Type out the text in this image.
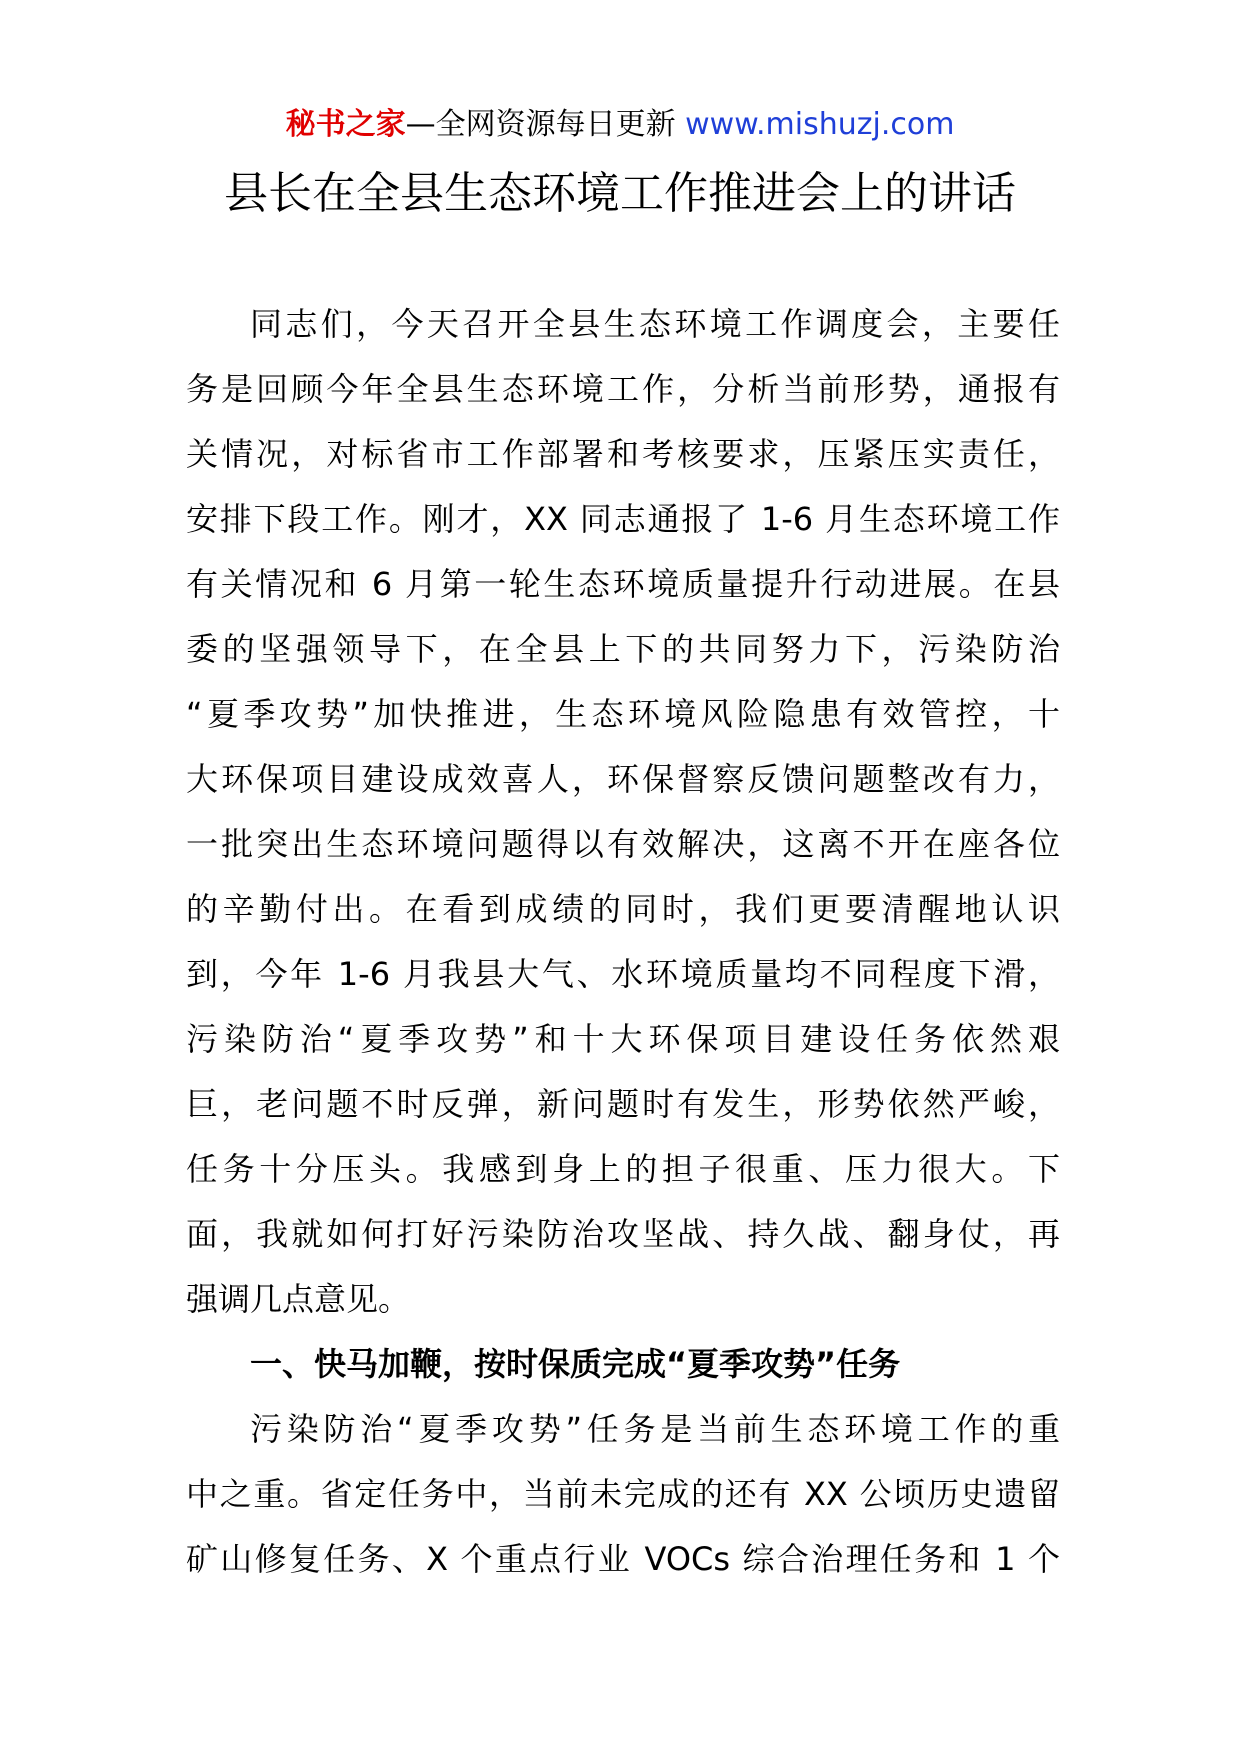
秘书之家—全网资源每日更新 www.mishuzj.com
县长在全县生态环境工作推进会上的讲话
同志们，今天召开全县生态环境工作调度会，主要任
务是回顾今年全县生态环境工作，分析当前形势，通报有
关情况，对标省市工作部署和考核要求，压紧压实责任，
安排下段工作。刚才，XX 同志通报了 1-6 月生态环境工作
有关情况和 6 月第一轮生态环境质量提升行动进展。在县
委的坚强领导下，在全县上下的共同努力下，污染防治
“夏季攻势”加快推进，生态环境风险隐患有效管控，十
大环保项目建设成效喜人，环保督察反馈问题整改有力，
一批突出生态环境问题得以有效解决，这离不开在座各位
的辛勤付出。在看到成绩的同时，我们更要清醒地认识
到，今年 1-6 月我县大气、水环境质量均不同程度下滑，
污染防治“夏季攻势”和十大环保项目建设任务依然艰
巨，老问题不时反弹，新问题时有发生，形势依然严峻，
任务十分压头。我感到身上的担子很重、压力很大。下
面，我就如何打好污染防治攻坚战、持久战、翻身仗，再
强调几点意见。
一、快马加鞭，按时保质完成“夏季攻势”任务
污染防治“夏季攻势”任务是当前生态环境工作的重
中之重。省定任务中，当前未完成的还有 XX 公顷历史遗留
矿山修复任务、X 个重点行业 VOCs 综合治理任务和 1 个
